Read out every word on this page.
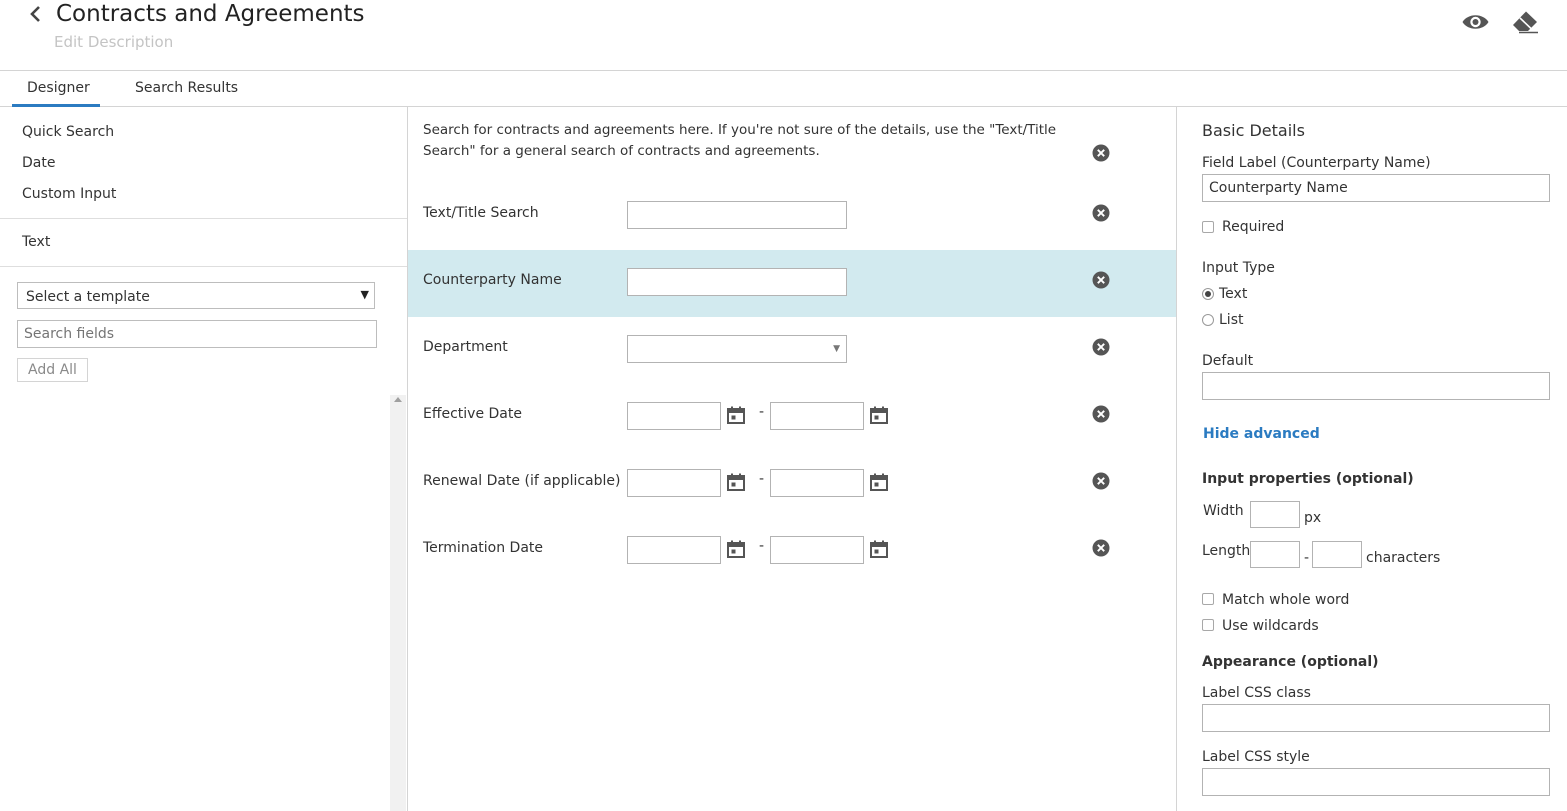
Contracts and Agreements
Edit Description
Designer	Search Results
Quick Search
Date
Custom Input
Text
Select a template	▼
Search fields
Add All
Search for contracts and agreements here. If you're not sure of the details, use the "Text/Title Search" for a general search of contracts and agreements.
Text/Title Search
Counterparty Name
Department	▼
Effective Date	-
Renewal Date (if applicable)	-
Termination Date	-
Basic Details
Field Label (Counterparty Name)
Counterparty Name
Required
Input Type
Text
List
Default
Hide advanced
Input properties (optional)
Width	px
Length	-	characters
Match whole word
Use wildcards
Appearance (optional)
Label CSS class
Label CSS style
